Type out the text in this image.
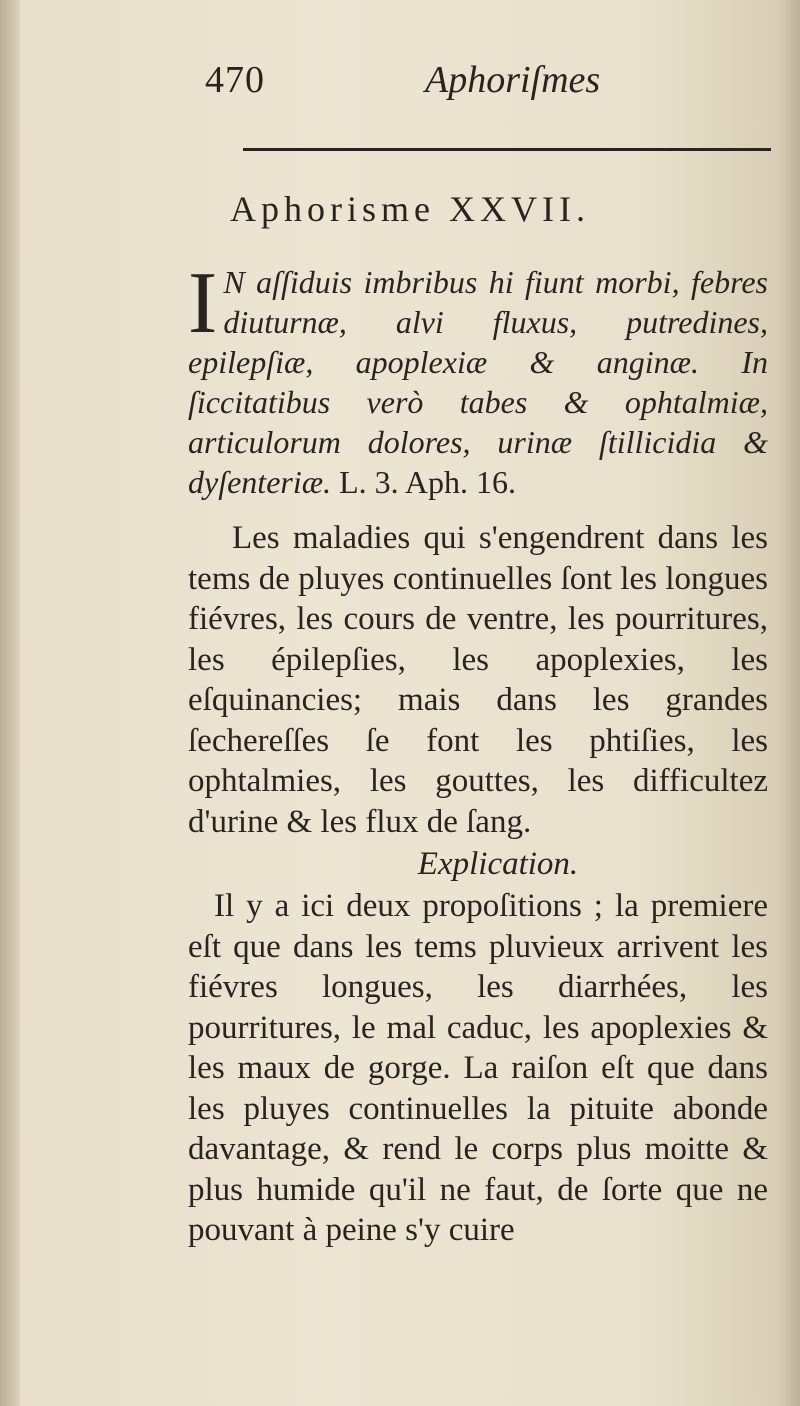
470	Aphoriſmes
Aphorisme XXVII.
I N aſſiduis imbribus hi fiunt morbi, febres diuturnæ, alvi fluxus, putredines, epilepſiæ, apoplexiæ & anginæ. In ſiccitatibus verò tabes & ophtalmiæ, articulorum dolores, urinæ ſtillicidia & dyſenteriæ. L. 3. Aph. 16.
Les maladies qui s'engendrent dans les tems de pluyes continuelles ſont les longues fiévres, les cours de ventre, les pourritures, les épilepſies, les apoplexies, les eſquinancies; mais dans les grandes ſechereſſes ſe font les phtiſies, les ophtalmies, les gouttes, les difficultez d'urine & les flux de ſang.
Explication.
Il y a ici deux propoſitions ; la premiere eſt que dans les tems pluvieux arrivent les fiévres longues, les diarrhées, les pourritures, le mal caduc, les apoplexies & les maux de gorge. La raiſon eſt que dans les pluyes continuelles la pituite abonde davantage, & rend le corps plus moitte & plus humide qu'il ne faut, de ſorte que ne pouvant à peine s'y cuire
